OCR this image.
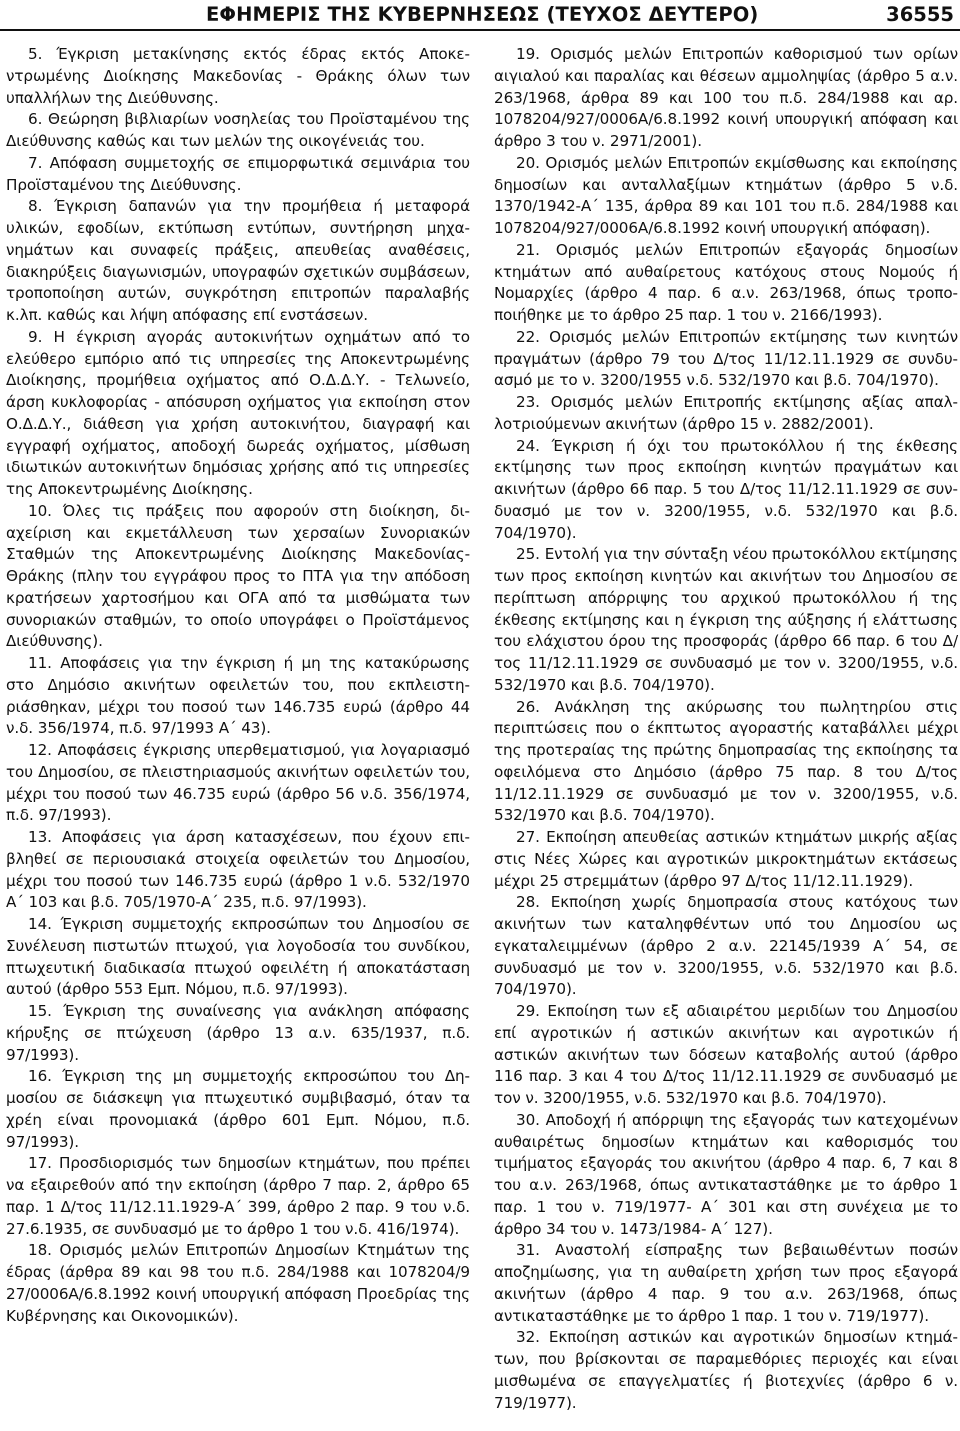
ΕΦΗΜΕΡΙΣ ΤΗΣ ΚΥΒΕΡΝΗΣΕΩΣ (ΤΕΥΧΟΣ ΔΕΥΤΕΡΟ)	36555

5. Έγκριση μετακίνησης εκτός έδρας εκτός Αποκεντρωμένης Διοίκησης Μακεδονίας - Θράκης όλων των υπαλλήλων της Διεύθυνσης.

6. Θεώρηση βιβλιαρίων νοσηλείας του Προϊσταμένου της Διεύθυνσης καθώς και των μελών της οικογένειάς του.

7. Απόφαση συμμετοχής σε επιμορφωτικά σεμινάρια του Προϊσταμένου της Διεύθυνσης.

8. Έγκριση δαπανών για την προμήθεια ή μεταφορά υλικών, εφοδίων, εκτύπωση εντύπων, συντήρηση μηχανημάτων και συναφείς πράξεις, απευθείας αναθέσεις, διακηρύξεις διαγωνισμών, υπογραφών σχετικών συμβάσεων, τροποποίηση αυτών, συγκρότηση επιτροπών παραλαβής κ.λπ. καθώς και λήψη απόφασης επί ενστάσεων.

9. Η έγκριση αγοράς αυτοκινήτων οχημάτων από το ελεύθερο εμπόριο από τις υπηρεσίες της Αποκεντρωμένης Διοίκησης, προμήθεια οχήματος από Ο.Δ.Δ.Υ. - Τελωνείο, άρση κυκλοφορίας - απόσυρση οχήματος για εκποίηση στον Ο.Δ.Δ.Υ., διάθεση για χρήση αυτοκινήτου, διαγραφή και εγγραφή οχήματος, αποδοχή δωρεάς οχήματος, μίσθωση ιδιωτικών αυτοκινήτων δημόσιας χρήσης από τις υπηρεσίες της Αποκεντρωμένης Διοίκησης.

10. Όλες τις πράξεις που αφορούν στη διοίκηση, διαχείριση και εκμετάλλευση των χερσαίων Συνοριακών Σταθμών της Αποκεντρωμένης Διοίκησης Μακεδονίας-Θράκης (πλην του εγγράφου προς το ΠΤΑ για την απόδοση κρατήσεων χαρτοσήμου και ΟΓΑ από τα μισθώματα των συνοριακών σταθμών, το οποίο υπογράφει ο Προϊστάμενος Διεύθυνσης).

11. Αποφάσεις για την έγκριση ή μη της κατακύρωσης στο Δημόσιο ακινήτων οφειλετών του, που εκπλειστηριάσθηκαν, μέχρι του ποσού των 146.735 ευρώ (άρθρο 44 ν.δ. 356/1974, π.δ. 97/1993 Α΄ 43).

12. Αποφάσεις έγκρισης υπερθεματισμού, για λογαριασμό του Δημοσίου, σε πλειστηριασμούς ακινήτων οφειλετών του, μέχρι του ποσού των 46.735 ευρώ (άρθρο 56 ν.δ. 356/1974, π.δ. 97/1993).

13. Αποφάσεις για άρση κατασχέσεων, που έχουν επιβληθεί σε περιουσιακά στοιχεία οφειλετών του Δημοσίου, μέχρι του ποσού των 146.735 ευρώ (άρθρο 1 ν.δ. 532/1970 Α΄ 103 και β.δ. 705/1970-Α΄ 235, π.δ. 97/1993).

14. Έγκριση συμμετοχής εκπροσώπων του Δημοσίου σε Συνέλευση πιστωτών πτωχού, για λογοδοσία του συνδίκου, πτωχευτική διαδικασία πτωχού οφειλέτη ή αποκατάσταση αυτού (άρθρο 553 Εμπ. Νόμου, π.δ. 97/1993).

15. Έγκριση της συναίνεσης για ανάκληση απόφασης κήρυξης σε πτώχευση (άρθρο 13 α.ν. 635/1937, π.δ. 97/1993).

16. Έγκριση της μη συμμετοχής εκπροσώπου του Δημοσίου σε διάσκεψη για πτωχευτικό συμβιβασμό, όταν τα χρέη είναι προνομιακά (άρθρο 601 Εμπ. Νόμου, π.δ. 97/1993).

17. Προσδιορισμός των δημοσίων κτημάτων, που πρέπει να εξαιρεθούν από την εκποίηση (άρθρο 7 παρ. 2, άρθρο 65 παρ. 1 Δ/τος 11/12.11.1929-Α΄ 399, άρθρο 2 παρ. 9 του ν.δ. 27.6.1935, σε συνδυασμό με το άρθρο 1 του ν.δ. 416/1974).

18. Ορισμός μελών Επιτροπών Δημοσίων Κτημάτων της έδρας (άρθρα 89 και 98 του π.δ. 284/1988 και 1078204/9 27/0006Α/6.8.1992 κοινή υπουργική απόφαση Προεδρίας της Κυβέρνησης και Οικονομικών).

19. Ορισμός μελών Επιτροπών καθορισμού των ορίων αιγιαλού και παραλίας και θέσεων αμμοληψίας (άρθρο 5 α.ν. 263/1968, άρθρα 89 και 100 του π.δ. 284/1988 και αρ. 1078204/927/0006Α/6.8.1992 κοινή υπουργική απόφαση και άρθρο 3 του ν. 2971/2001).

20. Ορισμός μελών Επιτροπών εκμίσθωσης και εκποίησης δημοσίων και ανταλλαξίμων κτημάτων (άρθρο 5 ν.δ. 1370/1942-Α΄ 135, άρθρα 89 και 101 του π.δ. 284/1988 και 1078204/927/0006Α/6.8.1992 κοινή υπουργική απόφαση).

21. Ορισμός μελών Επιτροπών εξαγοράς δημοσίων κτημάτων από αυθαίρετους κατόχους στους Νομούς ή Νομαρχίες (άρθρο 4 παρ. 6 α.ν. 263/1968, όπως τροποποιήθηκε με το άρθρο 25 παρ. 1 του ν. 2166/1993).

22. Ορισμός μελών Επιτροπών εκτίμησης των κινητών πραγμάτων (άρθρο 79 του Δ/τος 11/12.11.1929 σε συνδυασμό με το ν. 3200/1955 ν.δ. 532/1970 και β.δ. 704/1970).

23. Ορισμός μελών Επιτροπής εκτίμησης αξίας απαλλοτριούμενων ακινήτων (άρθρο 15 ν. 2882/2001).

24. Έγκριση ή όχι του πρωτοκόλλου ή της έκθεσης εκτίμησης των προς εκποίηση κινητών πραγμάτων και ακινήτων (άρθρο 66 παρ. 5 του Δ/τος 11/12.11.1929 σε συνδυασμό με τον ν. 3200/1955, ν.δ. 532/1970 και β.δ. 704/1970).

25. Εντολή για την σύνταξη νέου πρωτοκόλλου εκτίμησης των προς εκποίηση κινητών και ακινήτων του Δημοσίου σε περίπτωση απόρριψης του αρχικού πρωτοκόλλου ή της έκθεσης εκτίμησης και η έγκριση της αύξησης ή ελάττωσης του ελάχιστου όρου της προσφοράς (άρθρο 66 παρ. 6 του Δ/τος 11/12.11.1929 σε συνδυασμό με τον ν. 3200/1955, ν.δ. 532/1970 και β.δ. 704/1970).

26. Ανάκληση της ακύρωσης του πωλητηρίου στις περιπτώσεις που ο έκπτωτος αγοραστής καταβάλλει μέχρι της προτεραίας της πρώτης δημοπρασίας της εκποίησης τα οφειλόμενα στο Δημόσιο (άρθρο 75 παρ. 8 του Δ/τος 11/12.11.1929 σε συνδυασμό με τον ν. 3200/1955, ν.δ. 532/1970 και β.δ. 704/1970).

27. Εκποίηση απευθείας αστικών κτημάτων μικρής αξίας στις Νέες Χώρες και αγροτικών μικροκτημάτων εκτάσεως μέχρι 25 στρεμμάτων (άρθρο 97 Δ/τος 11/12.11.1929).

28. Εκποίηση χωρίς δημοπρασία στους κατόχους των ακινήτων των καταληφθέντων υπό του Δημοσίου ως εγκαταλειμμένων (άρθρο 2 α.ν. 22145/1939 Α΄ 54, σε συνδυασμό με τον ν. 3200/1955, ν.δ. 532/1970 και β.δ. 704/1970).

29. Εκποίηση των εξ αδιαιρέτου μεριδίων του Δημοσίου επί αγροτικών ή αστικών ακινήτων και αγροτικών ή αστικών ακινήτων των δόσεων καταβολής αυτού (άρθρο 116 παρ. 3 και 4 του Δ/τος 11/12.11.1929 σε συνδυασμό με τον ν. 3200/1955, ν.δ. 532/1970 και β.δ. 704/1970).

30. Αποδοχή ή απόρριψη της εξαγοράς των κατεχομένων αυθαιρέτως δημοσίων κτημάτων και καθορισμός του τιμήματος εξαγοράς του ακινήτου (άρθρο 4 παρ. 6, 7 και 8 του α.ν. 263/1968, όπως αντικαταστάθηκε με το άρθρο 1 παρ. 1 του ν. 719/1977- Α΄ 301 και στη συνέχεια με το άρθρο 34 του ν. 1473/1984- Α΄ 127).

31. Αναστολή είσπραξης των βεβαιωθέντων ποσών αποζημίωσης, για τη αυθαίρετη χρήση των προς εξαγορά ακινήτων (άρθρο 4 παρ. 9 του α.ν. 263/1968, όπως αντικαταστάθηκε με το άρθρο 1 παρ. 1 του ν. 719/1977).

32. Εκποίηση αστικών και αγροτικών δημοσίων κτημάτων, που βρίσκονται σε παραμεθόριες περιοχές και είναι μισθωμένα σε επαγγελματίες ή βιοτεχνίες (άρθρο 6 ν. 719/1977).
